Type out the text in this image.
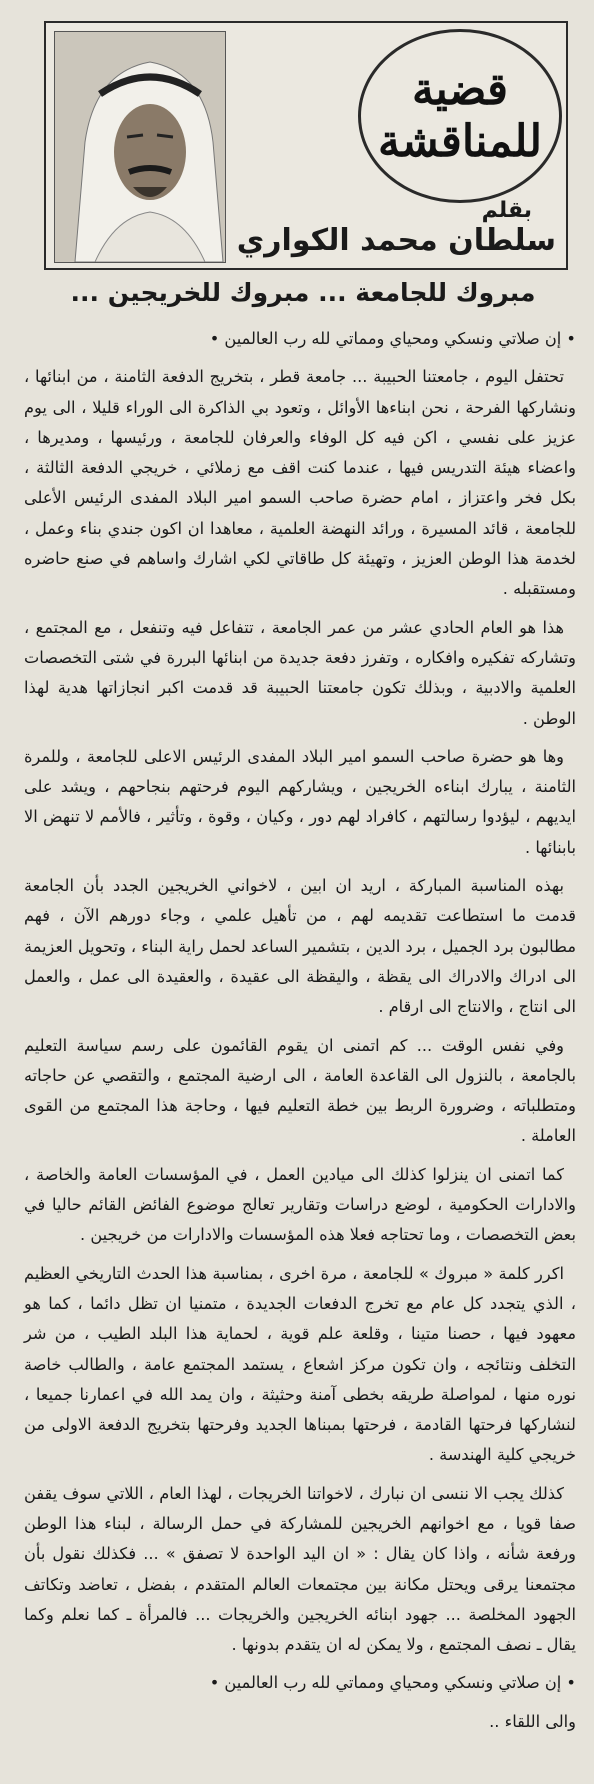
قضية
للمناقشة
بقلم
سلطان محمد الكواري
مبروك للجامعة ... مبروك للخريجين ...

• إن صلاتي ونسكي ومحياي ومماتي لله رب العالمين •

تحتفل اليوم ، جامعتنا الحبيبة ... جامعة قطر ، بتخريج الدفعة الثامنة ، من ابنائها ، ونشاركها الفرحة ، نحن ابناءها الأوائل ، وتعود بي الذاكرة الى الوراء قليلا ، الى يوم عزيز على نفسي ، اكن فيه كل الوفاء والعرفان للجامعة ، ورئيسها ، ومديرها ، واعضاء هيئة التدريس فيها ، عندما كنت اقف مع زملائي ، خريجي الدفعة الثالثة ، بكل فخر واعتزاز ، امام حضرة صاحب السمو امير البلاد المفدى الرئيس الأعلى للجامعة ، قائد المسيرة ، ورائد النهضة العلمية ، معاهدا ان اكون جندي بناء وعمل ، لخدمة هذا الوطن العزيز ، وتهيئة كل طاقاتي لكي اشارك واساهم في صنع حاضره ومستقبله .

هذا هو العام الحادي عشر من عمر الجامعة ، تتفاعل فيه وتنفعل ، مع المجتمع ، وتشاركه تفكيره وافكاره ، وتفرز دفعة جديدة من ابنائها البررة في شتى التخصصات العلمية والادبية ، وبذلك تكون جامعتنا الحبيبة قد قدمت اكبر انجازاتها هدية لهذا الوطن .

وها هو حضرة صاحب السمو امير البلاد المفدى الرئيس الاعلى للجامعة ، وللمرة الثامنة ، يبارك ابناءه الخريجين ، ويشاركهم اليوم فرحتهم بنجاحهم ، ويشد على ايديهم ، ليؤدوا رسالتهم ، كافراد لهم دور ، وكيان ، وقوة ، وتأثير ، فالأمم لا تنهض الا بابنائها .

بهذه المناسبة المباركة ، اريد ان ابين ، لاخواني الخريجين الجدد بأن الجامعة قدمت ما استطاعت تقديمه لهم ، من تأهيل علمي ، وجاء دورهم الآن ، فهم مطالبون برد الجميل ، برد الدين ، بتشمير الساعد لحمل راية البناء ، وتحويل العزيمة الى ادراك والادراك الى يقظة ، واليقظة الى عقيدة ، والعقيدة الى عمل ، والعمل الى انتاج ، والانتاج الى ارقام .

وفي نفس الوقت ... كم اتمنى ان يقوم القائمون على رسم سياسة التعليم بالجامعة ، بالنزول الى القاعدة العامة ، الى ارضية المجتمع ، والتقصي عن حاجاته ومتطلباته ، وضرورة الربط بين خطة التعليم فيها ، وحاجة هذا المجتمع من القوى العاملة .

كما اتمنى ان ينزلوا كذلك الى ميادين العمل ، في المؤسسات العامة والخاصة ، والادارات الحكومية ، لوضع دراسات وتقارير تعالج موضوع الفائض القائم حاليا في بعض التخصصات ، وما تحتاجه فعلا هذه المؤسسات والادارات من خريجين .

اكرر كلمة « مبروك » للجامعة ، مرة اخرى ، بمناسبة هذا الحدث التاريخي العظيم ، الذي يتجدد كل عام مع تخرج الدفعات الجديدة ، متمنيا ان تظل دائما ، كما هو معهود فيها ، حصنا متينا ، وقلعة علم قوية ، لحماية هذا البلد الطيب ، من شر التخلف ونتائجه ، وان تكون مركز اشعاع ، يستمد المجتمع عامة ، والطالب خاصة نوره منها ، لمواصلة طريقه بخطى آمنة وحثيثة ، وان يمد الله في اعمارنا جميعا ، لنشاركها فرحتها القادمة ، فرحتها بمبناها الجديد وفرحتها بتخريج الدفعة الاولى من خريجي كلية الهندسة .

كذلك يجب الا ننسى ان نبارك ، لاخواتنا الخريجات ، لهذا العام ، اللاتي سوف يقفن صفا قويا ، مع اخوانهم الخريجين للمشاركة في حمل الرسالة ، لبناء هذا الوطن ورفعة شأنه ، واذا كان يقال : « ان اليد الواحدة لا تصفق » ... فكذلك نقول بأن مجتمعنا يرقى ويحتل مكانة بين مجتمعات العالم المتقدم ، بفضل ، تعاضد وتكاتف الجهود المخلصة ... جهود ابنائه الخريجين والخريجات ... فالمرأة ـ كما نعلم وكما يقال ـ نصف المجتمع ، ولا يمكن له ان يتقدم بدونها .

• إن صلاتي ونسكي ومحياي ومماتي لله رب العالمين •

والى اللقاء ..
